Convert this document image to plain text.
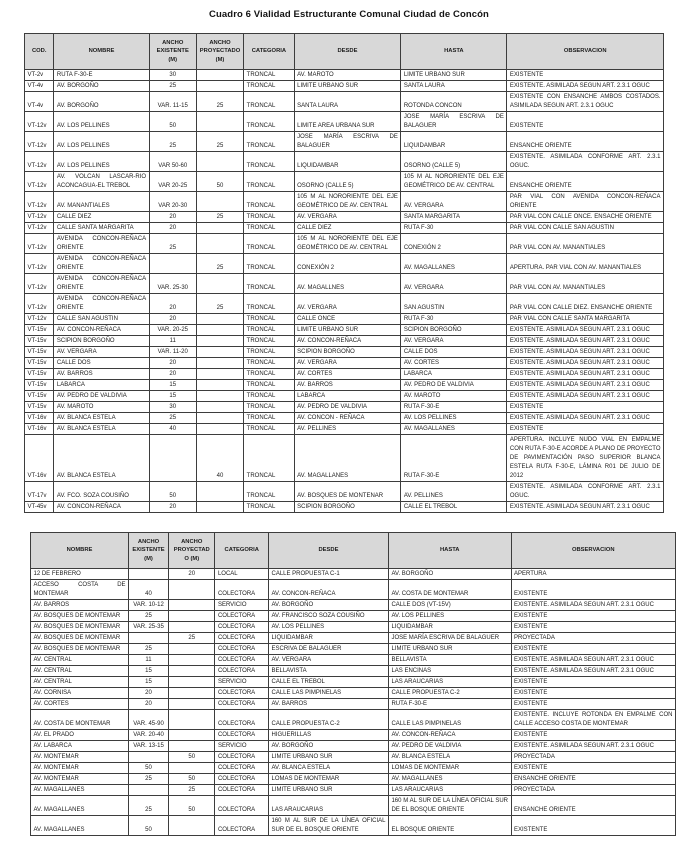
Cuadro 6 Vialidad Estructurante Comunal Ciudad de Concón
COD.	NOMBRE	ANCHO EXISTENTE (M)	ANCHO PROYECTADO (M)	CATEGORIA	DESDE	HASTA	OBSERVACION
VT-2v	RUTA F-30-E	30		TRONCAL	AV. MAROTO	LIMITE URBANO SUR	EXISTENTE
VT-4v	AV. BORGOÑO	25		TRONCAL	LIMITE URBANO SUR	SANTA LAURA	EXISTENTE. ASIMILADA SEGUN ART. 2.3.1 OGUC
VT-4v	AV. BORGOÑO	VAR. 11-15	25	TRONCAL	SANTA LAURA	ROTONDA CONCON	EXISTENTE CON ENSANCHE AMBOS COSTADOS. ASIMILADA SEGUN ART. 2.3.1 OGUC
VT-12v	AV. LOS PELLINES	50		TRONCAL	LIMITE AREA URBANA SUR	JOSE MARÍA ESCRIVA DE BALAGUER	EXISTENTE
VT-12v	AV. LOS PELLINES	25	25	TRONCAL	JOSE MARÍA ESCRIVA DE BALAGUER	LIQUIDAMBAR	ENSANCHE ORIENTE
VT-12v	AV. LOS PELLINES	VAR 50-60		TRONCAL	LIQUIDAMBAR	OSORNO (CALLE 5)	EXISTENTE. ASIMILADA CONFORME ART. 2.3.1 OGUC.
VT-12v	AV. VOLCAN LASCAR-RIO ACONCAGUA-EL TREBOL	VAR 20-25	50	TRONCAL	OSORNO (CALLE 5)	105 M AL NORORIENTE DEL EJE GEOMÉTRICO DE AV. CENTRAL	ENSANCHE ORIENTE
VT-12v	AV. MANANTIALES	VAR 20-30		TRONCAL	105 M AL NORORIENTE DEL EJE GEOMÉTRICO DE AV. CENTRAL	AV. VERGARA	PAR VIAL CON AVENIDA CONCON-REÑACA ORIENTE
VT-12v	CALLE DIEZ	20	25	TRONCAL	AV. VERGARA	SANTA MARGARITA	PAR VIAL CON CALLE ONCE. ENSACHE ORIENTE
VT-12v	CALLE SANTA MARGARITA	20		TRONCAL	CALLE DIEZ	RUTA F-30	PAR VIAL CON CALLE SAN AGUSTIN
VT-12v	AVENIDA CONCON-REÑACA ORIENTE	25		TRONCAL	105 M AL NORORIENTE DEL EJE GEOMÉTRICO DE AV. CENTRAL	CONEXIÓN 2	PAR VIAL CON AV. MANANTIALES
VT-12v	AVENIDA CONCON-REÑACA ORIENTE		25	TRONCAL	CONEXIÓN 2	AV. MAGALLANES	APERTURA. PAR VIAL CON AV. MANANTIALES
VT-12v	AVENIDA CONCON-REÑACA ORIENTE	VAR. 25-30		TRONCAL	AV. MAGALLNES	AV. VERGARA	PAR VIAL CON AV. MANANTIALES
VT-12v	AVENIDA CONCON-REÑACA ORIENTE	20	25	TRONCAL	AV. VERGARA	SAN AGUSTIN	PAR VIAL CON CALLE DIEZ. ENSANCHE ORIENTE
VT-12v	CALLE SAN AGUSTIN	20		TRONCAL	CALLE ONCE	RUTA F-30	PAR VIAL CON CALLE SANTA MARGARITA
VT-15v	AV. CONCON-REÑACA	VAR. 20-25		TRONCAL	LIMITE URBANO SUR	SCIPION BORGOÑO	EXISTENTE. ASIMILADA SEGUN ART. 2.3.1 OGUC
VT-15v	SCIPION BORGOÑO	11		TRONCAL	AV. CONCON-REÑACA	AV. VERGARA	EXISTENTE. ASIMILADA SEGUN ART. 2.3.1 OGUC
VT-15v	AV. VERGARA	VAR. 11-20		TRONCAL	SCIPION BORGOÑO	CALLE DOS	EXISTENTE. ASIMILADA SEGUN ART. 2.3.1 OGUC
VT-15v	CALLE DOS	20		TRONCAL	AV. VERGARA	AV. CORTES	EXISTENTE. ASIMILADA SEGUN ART. 2.3.1 OGUC
VT-15v	AV. BARROS	20		TRONCAL	AV. CORTES	LABARCA	EXISTENTE. ASIMILADA SEGUN ART. 2.3.1 OGUC
VT-15v	LABARCA	15		TRONCAL	AV. BARROS	AV. PEDRO DE VALDIVIA	EXISTENTE. ASIMILADA SEGUN ART. 2.3.1 OGUC
VT-15v	AV. PEDRO DE VALDIVIA	15		TRONCAL	LABARCA	AV. MAROTO	EXISTENTE. ASIMILADA SEGUN ART. 2.3.1 OGUC
VT-15v	AV. MAROTO	30		TRONCAL	AV. PEDRO DE VALDIVIA	RUTA F-30-E	EXISTENTE
VT-16v	AV. BLANCA ESTELA	25		TRONCAL	AV. CONCON - REÑACA	AV. LOS PELLINES	EXISTENTE. ASIMILADA SEGUN ART. 2.3.1 OGUC
VT-16v	AV. BLANCA ESTELA	40		TRONCAL	AV. PELLINES	AV. MAGALLANES	EXISTENTE
VT-16v	AV. BLANCA ESTELA		40	TRONCAL	AV. MAGALLANES	RUTA F-30-E	APERTURA. INCLUYE NUDO VIAL EN EMPALME CON RUTA F-30-E ACORDE A PLANO DE PROYECTO DE PAVIMENTACIÓN PASO SUPERIOR BLANCA ESTELA RUTA F-30-E, LÁMINA R01 DE JULIO DE 2012
VT-17v	AV. FCO. SOZA COUSIÑO	50		TRONCAL	AV. BOSQUES DE MONTENAR	AV. PELLINES	EXISTENTE. ASIMILADA CONFORME ART. 2.3.1 OGUC.
VT-45v	AV. CONCON-REÑACA	20		TRONCAL	SCIPION BORGOÑO	CALLE EL TREBOL	EXISTENTE. ASIMILADA SEGUN ART. 2.3.1 OGUC
NOMBRE	ANCHO EXISTENTE (M)	ANCHO PROYECTADO (M)	CATEGORIA	DESDE	HASTA	OBSERVACION
12 DE FEBRERO		20	LOCAL	CALLE PROPUESTA C-1	AV. BORGOÑO	APERTURA
ACCESO COSTA DE MONTEMAR	40		COLECTORA	AV. CONCON-REÑACA	AV. COSTA DE MONTEMAR	EXISTENTE
AV. BARROS	VAR. 10-12		SERVICIO	AV. BORGOÑO	CALLE DOS (VT-15V)	EXISTENTE. ASIMILADA SEGUN ART. 2.3.1 OGUC
AV. BOSQUES DE MONTEMAR	25		COLECTORA	AV. FRANCISCO SOZA COUSIÑO	AV. LOS PELLINES	EXISTENTE
AV. BOSQUES DE MONTEMAR	VAR. 25-35		COLECTORA	AV. LOS PELLINES	LIQUIDAMBAR	EXISTENTE
AV. BOSQUES DE MONTEMAR		25	COLECTORA	LIQUIDAMBAR	JOSE MARÍA ESCRIVA DE BALAGUER	PROYECTADA
AV. BOSQUES DE MONTEMAR	25		COLECTORA	ESCRIVA DE BALAGUER	LIMITE URBANO SUR	EXISTENTE
AV. CENTRAL	11		COLECTORA	AV. VERGARA	BELLAVISTA	EXISTENTE. ASIMILADA SEGUN ART. 2.3.1 OGUC
AV. CENTRAL	15		COLECTORA	BELLAVISTA	LAS ENCINAS	EXISTENTE. ASIMILADA SEGUN ART. 2.3.1 OGUC
AV. CENTRAL	15		SERVICIO	CALLE EL TREBOL	LAS ARAUCARIAS	EXISTENTE
AV. CORNISA	20		COLECTORA	CALLE LAS PIMPINELAS	CALLE PROPUESTA C-2	EXISTENTE
AV. CORTES	20		COLECTORA	AV. BARROS	RUTA F-30-E	EXISTENTE
AV. COSTA DE MONTEMAR	VAR. 45-90		COLECTORA	CALLE PROPUESTA C-2	CALLE LAS PIMPINELAS	EXISTENTE. INCLUYE ROTONDA EN EMPALME CON CALLE ACCESO COSTA DE MONTEMAR
AV. EL PRADO	VAR. 20-40		COLECTORA	HIGUERILLAS	AV. CONCON-REÑACA	EXISTENTE
AV. LABARCA	VAR. 13-15		SERVICIO	AV. BORGOÑO	AV. PEDRO DE VALDIVIA	EXISTENTE. ASIMILADA SEGUN ART. 2.3.1 OGUC
AV. MONTEMAR		50	COLECTORA	LIMITE URBANO SUR	AV. BLANCA ESTELA	PROYECTADA
AV. MONTEMAR	50		COLECTORA	AV. BLANCA ESTELA	LOMAS DE MONTEMAR	EXISTENTE
AV. MONTEMAR	25	50	COLECTORA	LOMAS DE MONTEMAR	AV. MAGALLANES	ENSANCHE ORIENTE
AV. MAGALLANES		25	COLECTORA	LIMITE URBANO SUR	LAS ARAUCARIAS	PROYECTADA
AV. MAGALLANES	25	50	COLECTORA	LAS ARAUCARIAS	160 M AL SUR DE LA LÍNEA OFICIAL SUR DE EL BOSQUE ORIENTE	ENSANCHE ORIENTE
AV. MAGALLANES	50		COLECTORA	160 M AL SUR DE LA LÍNEA OFICIAL SUR DE EL BOSQUE ORIENTE	EL BOSQUE ORIENTE	EXISTENTE
